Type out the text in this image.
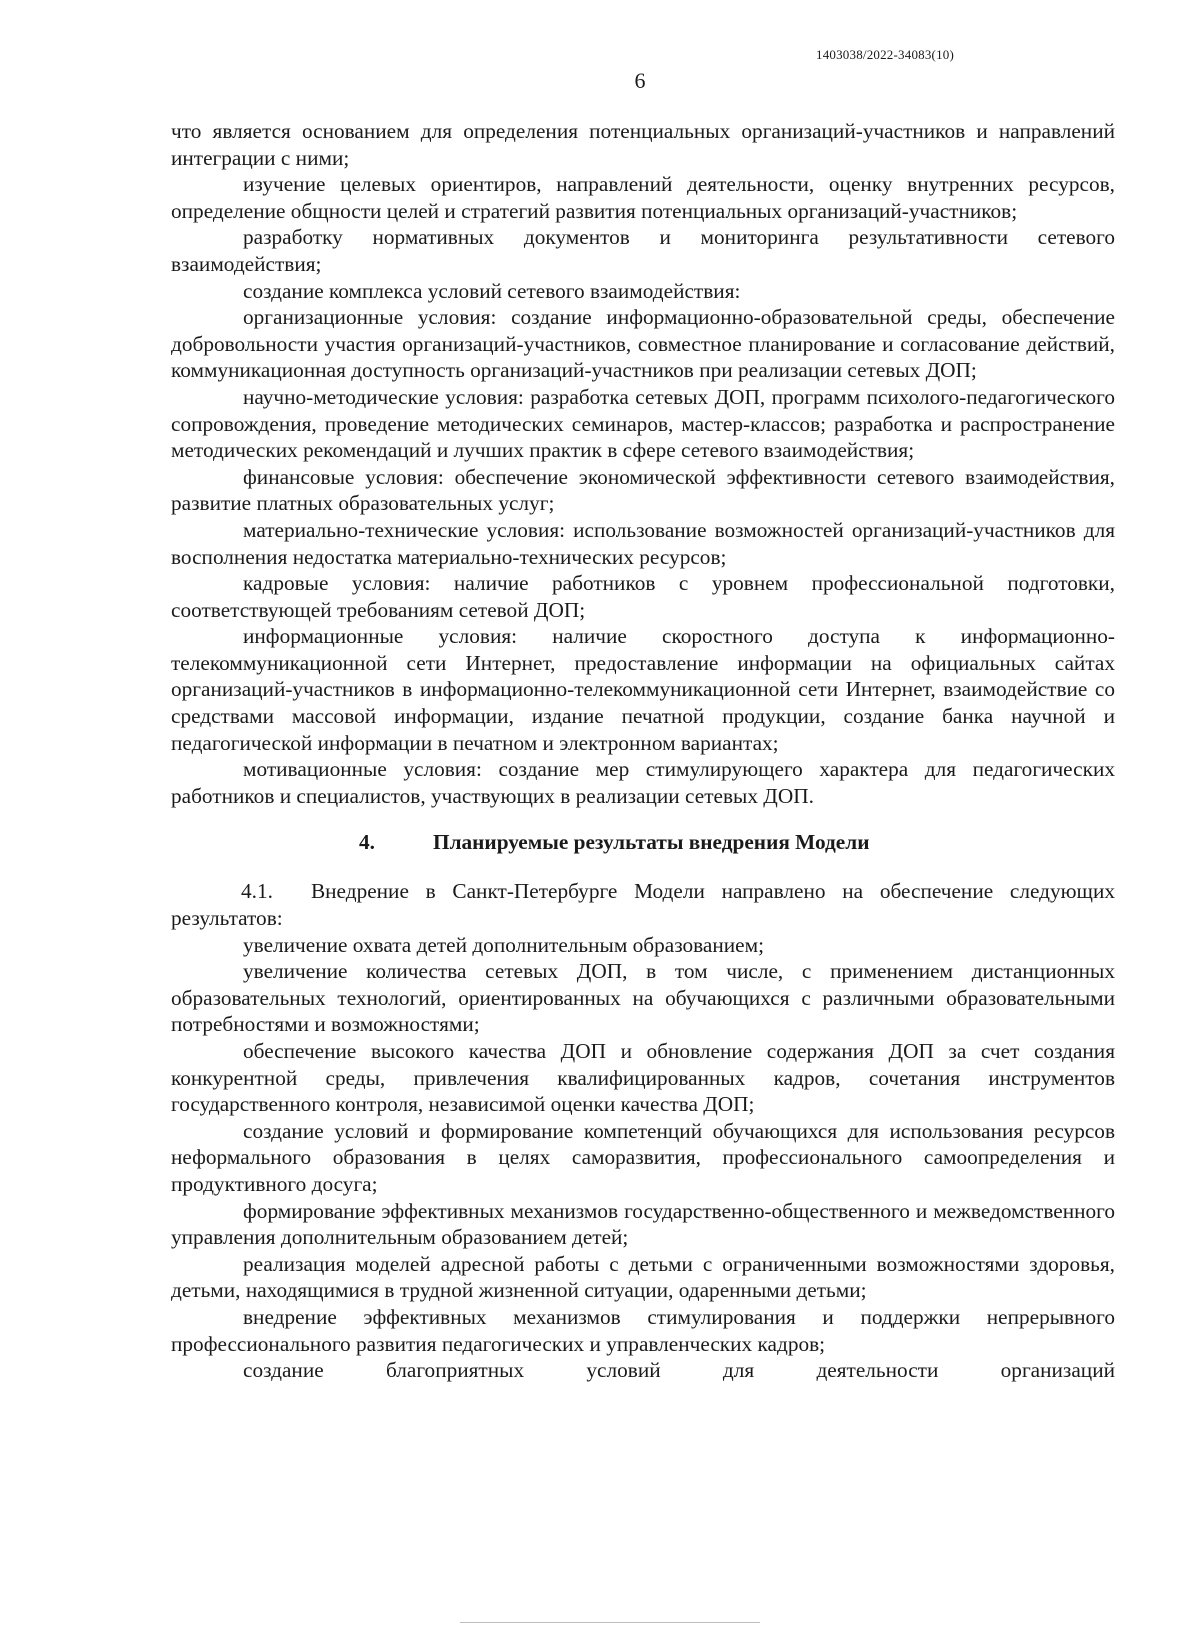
1403038/2022-34083(10)
6

что является основанием для определения потенциальных организаций-участников и направлений интеграции с ними;

изучение целевых ориентиров, направлений деятельности, оценку внутренних ресурсов, определение общности целей и стратегий развития потенциальных организаций-участников;

разработку нормативных документов и мониторинга результативности сетевого взаимодействия;

создание комплекса условий сетевого взаимодействия:

организационные условия: создание информационно-образовательной среды, обеспечение добровольности участия организаций-участников, совместное планирование и согласование действий, коммуникационная доступность организаций-участников при реализации сетевых ДОП;

научно-методические условия: разработка сетевых ДОП, программ психолого-педагогического сопровождения, проведение методических семинаров, мастер-классов; разработка и распространение методических рекомендаций и лучших практик в сфере сетевого взаимодействия;

финансовые условия: обеспечение экономической эффективности сетевого взаимодействия, развитие платных образовательных услуг;

материально-технические условия: использование возможностей организаций-участников для восполнения недостатка материально-технических ресурсов;

кадровые условия: наличие работников с уровнем профессиональной подготовки, соответствующей требованиям сетевой ДОП;

информационные условия: наличие скоростного доступа к информационно-телекоммуникационной сети Интернет, предоставление информации на официальных сайтах организаций-участников в информационно-телекоммуникационной сети Интернет, взаимодействие со средствами массовой информации, издание печатной продукции, создание банка научной и педагогической информации в печатном и электронном вариантах;

мотивационные условия: создание мер стимулирующего характера для педагогических работников и специалистов, участвующих в реализации сетевых ДОП.

4.	Планируемые результаты внедрения Модели

4.1. Внедрение в Санкт-Петербурге Модели направлено на обеспечение следующих результатов:

увеличение охвата детей дополнительным образованием;

увеличение количества сетевых ДОП, в том числе, с применением дистанционных образовательных технологий, ориентированных на обучающихся с различными образовательными потребностями и возможностями;

обеспечение высокого качества ДОП и обновление содержания ДОП за счет создания конкурентной среды, привлечения квалифицированных кадров, сочетания инструментов государственного контроля, независимой оценки качества ДОП;

создание условий и формирование компетенций обучающихся для использования ресурсов неформального образования в целях саморазвития, профессионального самоопределения и продуктивного досуга;

формирование эффективных механизмов государственно-общественного и межведомственного управления дополнительным образованием детей;

реализация моделей адресной работы с детьми с ограниченными возможностями здоровья, детьми, находящимися в трудной жизненной ситуации, одаренными детьми;

внедрение эффективных механизмов стимулирования и поддержки непрерывного профессионального развития педагогических и управленческих кадров;

создание благоприятных условий для деятельности организаций
